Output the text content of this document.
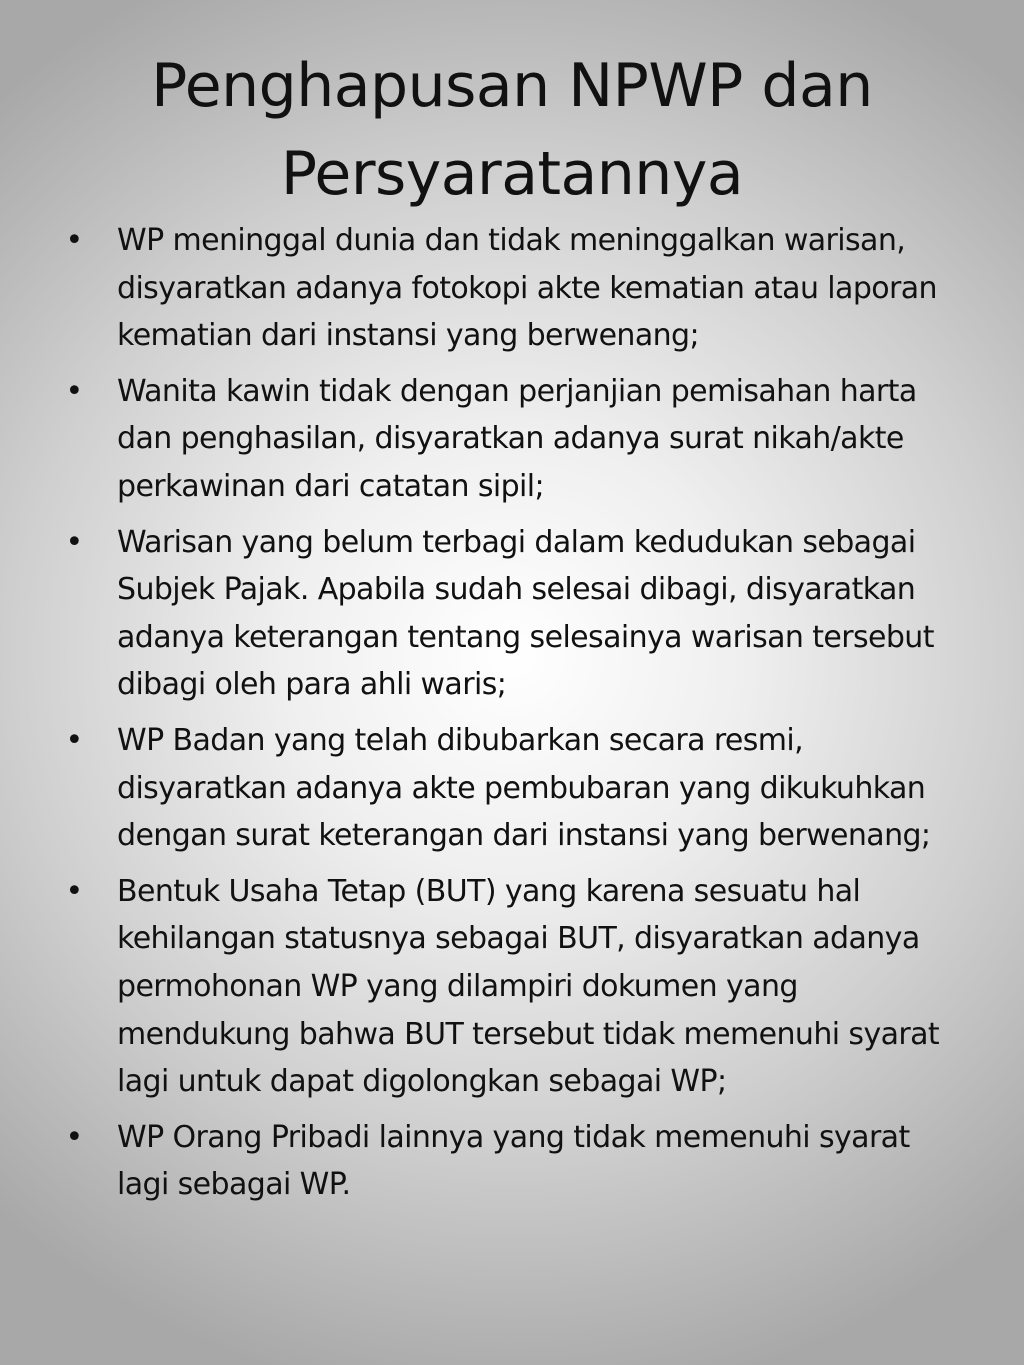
Penghapusan NPWP dan
Persyaratannya
• WP meninggal dunia dan tidak meninggalkan warisan, disyaratkan adanya fotokopi akte kematian atau laporan kematian dari instansi yang berwenang;
• Wanita kawin tidak dengan perjanjian pemisahan harta dan penghasilan, disyaratkan adanya surat nikah/akte perkawinan dari catatan sipil;
• Warisan yang belum terbagi dalam kedudukan sebagai Subjek Pajak. Apabila sudah selesai dibagi, disyaratkan adanya keterangan tentang selesainya warisan tersebut dibagi oleh para ahli waris;
• WP Badan yang telah dibubarkan secara resmi, disyaratkan adanya akte pembubaran yang dikukuhkan dengan surat keterangan dari instansi yang berwenang;
• Bentuk Usaha Tetap (BUT) yang karena sesuatu hal kehilangan statusnya sebagai BUT, disyaratkan adanya permohonan WP yang dilampiri dokumen yang mendukung bahwa BUT tersebut tidak memenuhi syarat lagi untuk dapat digolongkan sebagai WP;
• WP Orang Pribadi lainnya yang tidak memenuhi syarat lagi sebagai WP.
